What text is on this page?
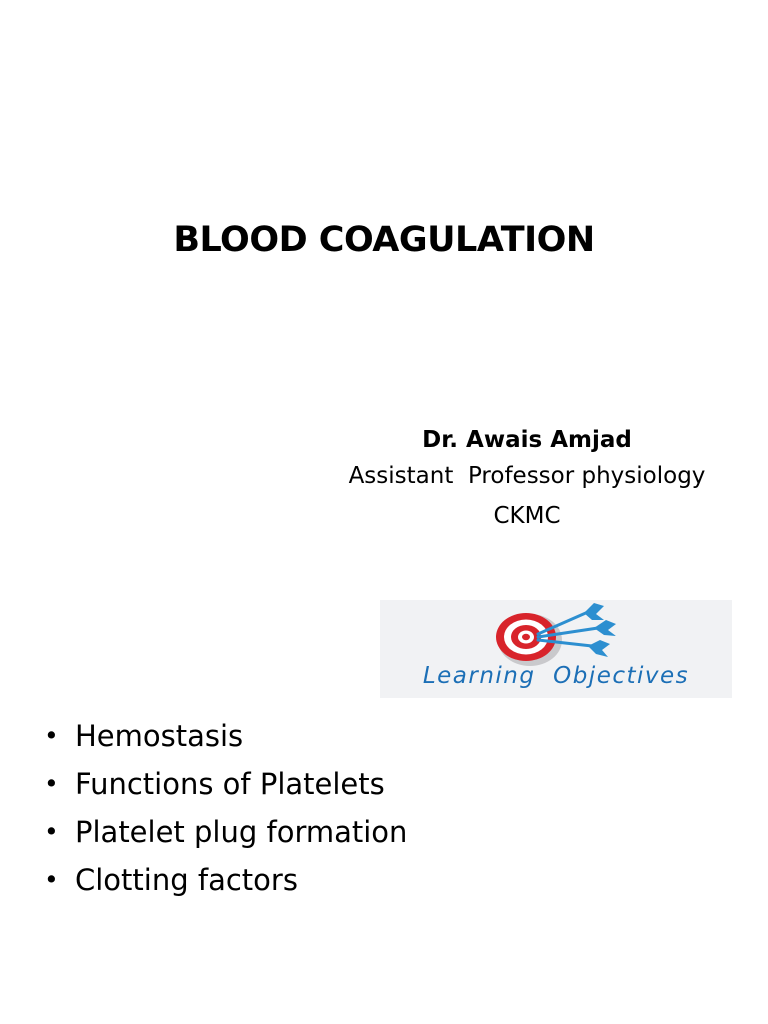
BLOOD COAGULATION
Dr. Awais Amjad
Assistant  Professor physiology
CKMC
Learning  Objectives
• Hemostasis
• Functions of Platelets
• Platelet plug formation
• Clotting factors
